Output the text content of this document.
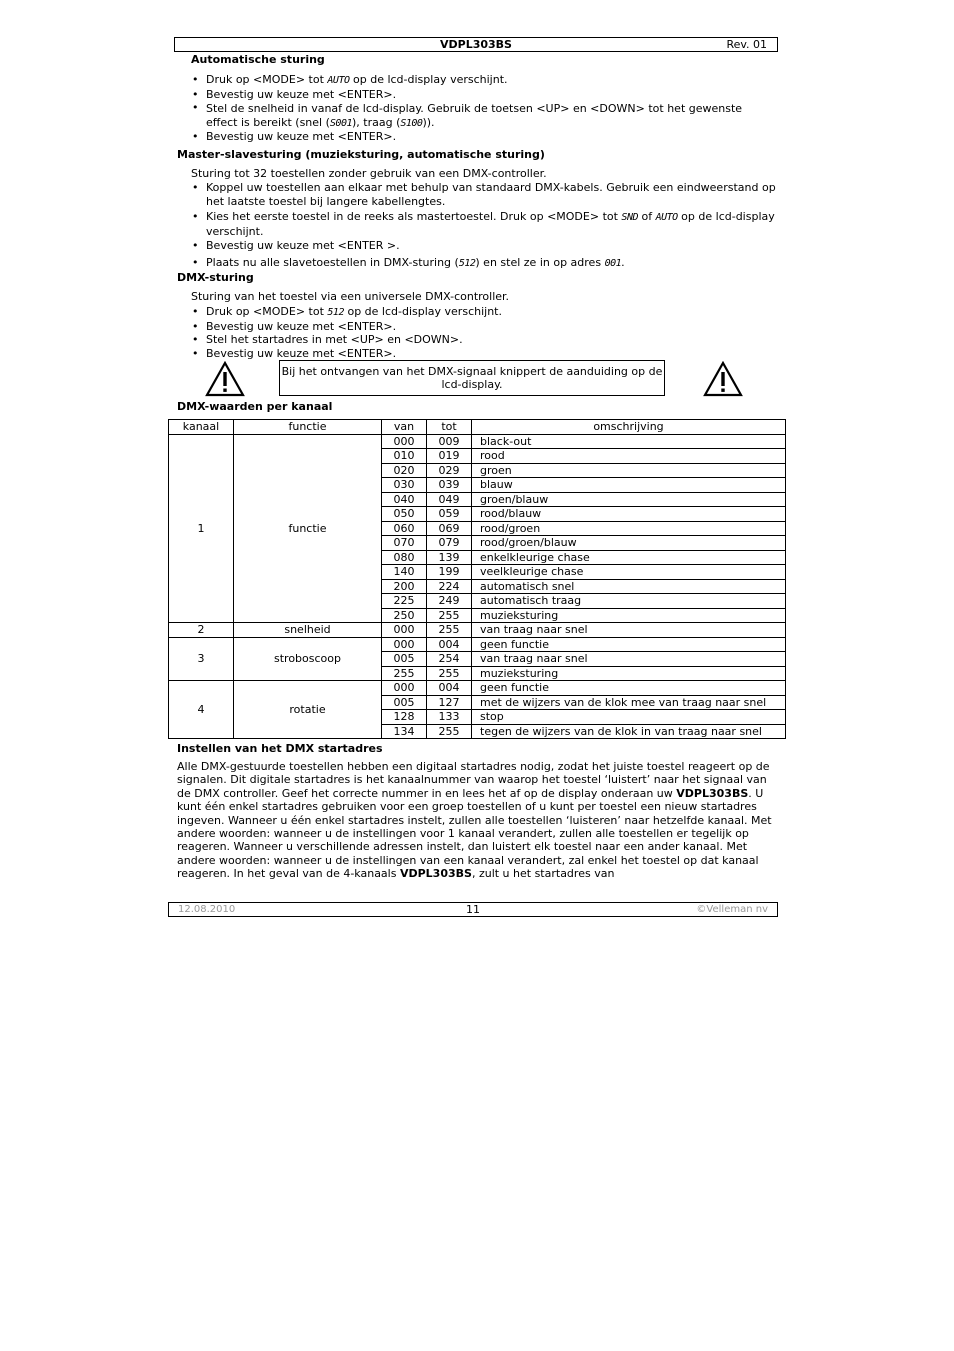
VDPL303BS	Rev. 01
Automatische sturing
• Druk op <MODE> tot AUTO op de lcd-display verschijnt.
• Bevestig uw keuze met <ENTER>.
• Stel de snelheid in vanaf de lcd-display. Gebruik de toetsen <UP> en <DOWN> tot het gewenste effect is bereikt (snel (S001), traag (S100)).
• Bevestig uw keuze met <ENTER>.
Master-slavesturing (muzieksturing, automatische sturing)
Sturing tot 32 toestellen zonder gebruik van een DMX-controller.
• Koppel uw toestellen aan elkaar met behulp van standaard DMX-kabels. Gebruik een eindweerstand op het laatste toestel bij langere kabellengtes.
• Kies het eerste toestel in de reeks als mastertoestel. Druk op <MODE> tot SND of AUTO op de lcd-display verschijnt.
• Bevestig uw keuze met <ENTER >.
• Plaats nu alle slavetoestellen in DMX-sturing (512) en stel ze in op adres 001.
DMX-sturing
Sturing van het toestel via een universele DMX-controller.
• Druk op <MODE> tot 512 op de lcd-display verschijnt.
• Bevestig uw keuze met <ENTER>.
• Stel het startadres in met <UP> en <DOWN>.
• Bevestig uw keuze met <ENTER>.
Bij het ontvangen van het DMX-signaal knippert de aanduiding op de lcd-display.
DMX-waarden per kanaal
kanaal	functie	van	tot	omschrijving
1	functie	000	009	black-out
		010	019	rood
		020	029	groen
		030	039	blauw
		040	049	groen/blauw
		050	059	rood/blauw
		060	069	rood/groen
		070	079	rood/groen/blauw
		080	139	enkelkleurige chase
		140	199	veelkleurige chase
		200	224	automatisch snel
		225	249	automatisch traag
		250	255	muzieksturing
2	snelheid	000	255	van traag naar snel
3	stroboscoop	000	004	geen functie
		005	254	van traag naar snel
		255	255	muzieksturing
4	rotatie	000	004	geen functie
		005	127	met de wijzers van de klok mee van traag naar snel
		128	133	stop
		134	255	tegen de wijzers van de klok in van traag naar snel
Instellen van het DMX startadres
Alle DMX-gestuurde toestellen hebben een digitaal startadres nodig, zodat het juiste toestel reageert op de signalen. Dit digitale startadres is het kanaalnummer van waarop het toestel ‘luistert’ naar het signaal van de DMX controller. Geef het correcte nummer in en lees het af op de display onderaan uw VDPL303BS. U kunt één enkel startadres gebruiken voor een groep toestellen of u kunt per toestel een nieuw startadres ingeven. Wanneer u één enkel startadres instelt, zullen alle toestellen ‘luisteren’ naar hetzelfde kanaal. Met andere woorden: wanneer u de instellingen voor 1 kanaal verandert, zullen alle toestellen er tegelijk op reageren. Wanneer u verschillende adressen instelt, dan luistert elk toestel naar een ander kanaal. Met andere woorden: wanneer u de instellingen van een kanaal verandert, zal enkel het toestel op dat kanaal reageren. In het geval van de 4-kanaals VDPL303BS, zult u het startadres van
12.08.2010	11	©Velleman nv
